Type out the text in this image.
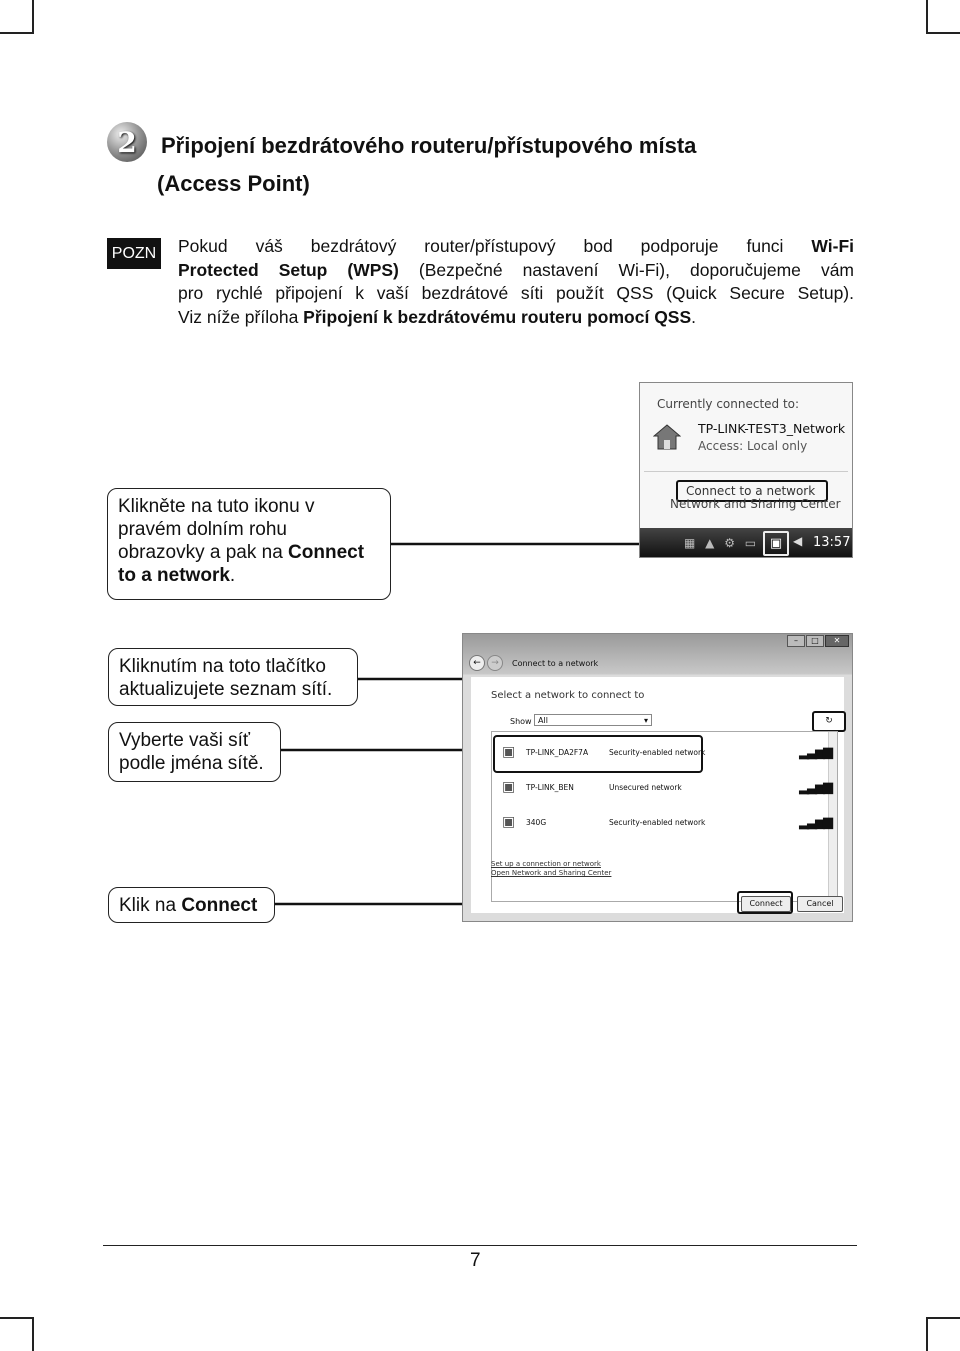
2	Připojení bezdrátového routeru/přístupového místa
(Access Point)
POZN Pokud váš bezdrátový router/přístupový bod podporuje funci Wi-Fi
Protected Setup (WPS) (Bezpečné nastavení Wi-Fi), doporučujeme vám
pro rychlé připojení k vaší bezdrátové síti použít QSS (Quick Secure Setup).
Viz níže příloha Připojení k bezdrátovému routeru pomocí QSS.
Currently connected to:
TP-LINK-TEST3_Network
Access: Local only
Connect to a network
Network and Sharing Center
▦ ▲ ⚙ ▭ ▣ ◀ 13:57
–	□	✕
←	→	Connect to a network
Select a network to connect to
Show All	▾	↻
▣ TP-LINK_DA2F7A	Security-enabled network	▂▃▅▆
▣ TP-LINK_BEN	Unsecured network	▂▃▅▆
▣ 340G	Security-enabled network	▂▃▅▆
Set up a connection or network
Open Network and Sharing Center
Connect	Cancel
Klikněte na tuto ikonu v
pravém dolním rohu
obrazovky a pak na Connect
to a network.
Kliknutím na toto tlačítko
aktualizujete seznam sítí.
Vyberte vaši síť
podle jména sítě.
Klik na Connect
7
